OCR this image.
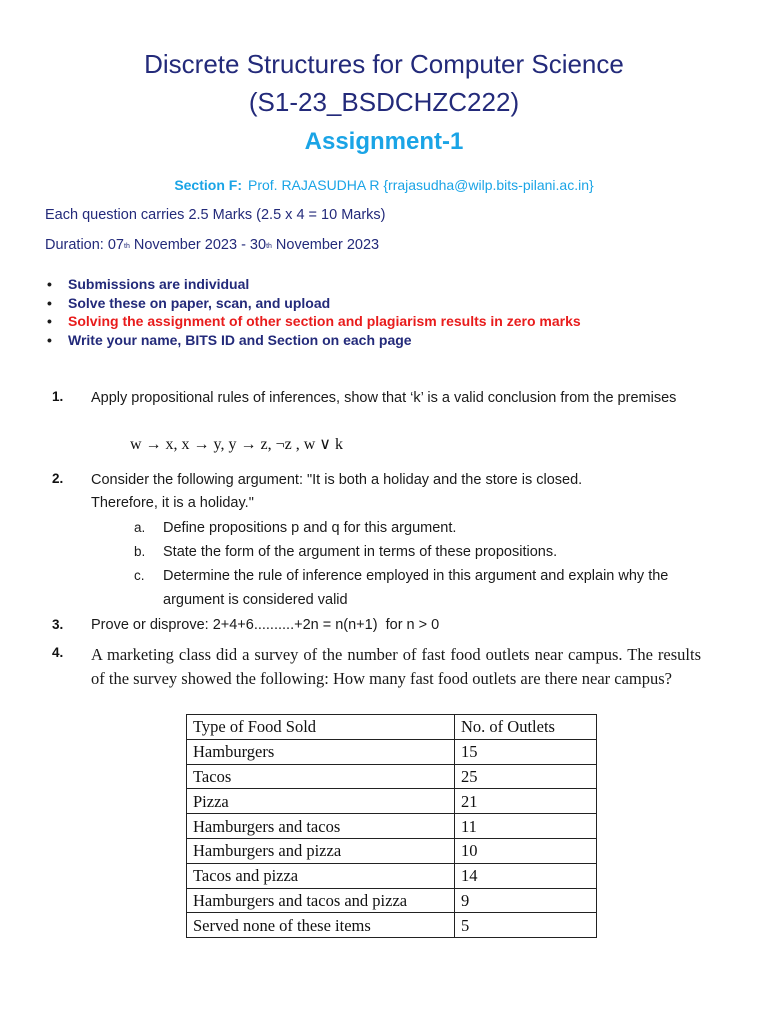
Discrete Structures for Computer Science
(S1-23_BSDCHZC222)
Assignment-1
Section F: Prof. RAJASUDHA R {rrajasudha@wilp.bits-pilani.ac.in}
Each question carries 2.5 Marks (2.5 x 4 = 10 Marks)
Duration: 07th November 2023 - 30th November 2023
• Submissions are individual
• Solve these on paper, scan, and upload
• Solving the assignment of other section and plagiarism results in zero marks
• Write your name, BITS ID and Section on each page
1. Apply propositional rules of inferences, show that ‘k’ is a valid conclusion from the premises
w → x, x → y, y → z, ¬z , w ∨ k
2. Consider the following argument: "It is both a holiday and the store is closed. Therefore, it is a holiday."
a. Define propositions p and q for this argument.
b. State the form of the argument in terms of these propositions.
c. Determine the rule of inference employed in this argument and explain why the argument is considered valid
3. Prove or disprove: 2+4+6..........+2n = n(n+1)  for n > 0
4. A marketing class did a survey of the number of fast food outlets near campus. The results of the survey showed the following: How many fast food outlets are there near campus?
Type of Food Sold	No. of Outlets
Hamburgers	15
Tacos	25
Pizza	21
Hamburgers and tacos	11
Hamburgers and pizza	10
Tacos and pizza	14
Hamburgers and tacos and pizza	9
Served none of these items	5
